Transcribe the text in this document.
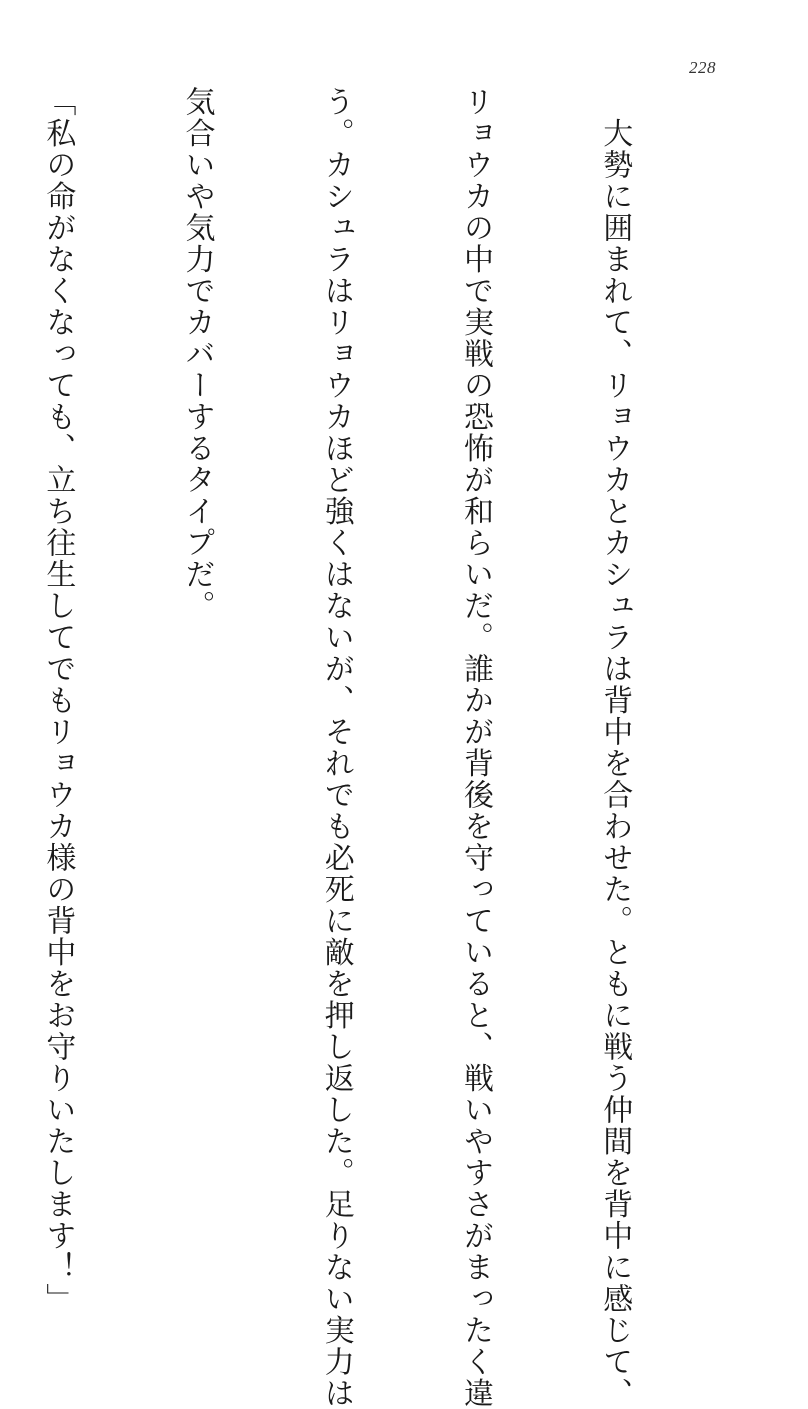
228

　大勢に囲まれて、リョウカとカシュラは背中を合わせた。ともに戦う仲間を背中に感じて、

リョウカの中で実戦の恐怖が和らいだ。誰かが背後を守っていると、戦いやすさがまったく違

う。カシュラはリョウカほど強くはないが、それでも必死に敵を押し返した。足りない実力は

気合いや気力でカバーするタイプだ。

「私の命がなくなっても、立ち往生してでもリョウカ様の背中をお守りいたします！」
